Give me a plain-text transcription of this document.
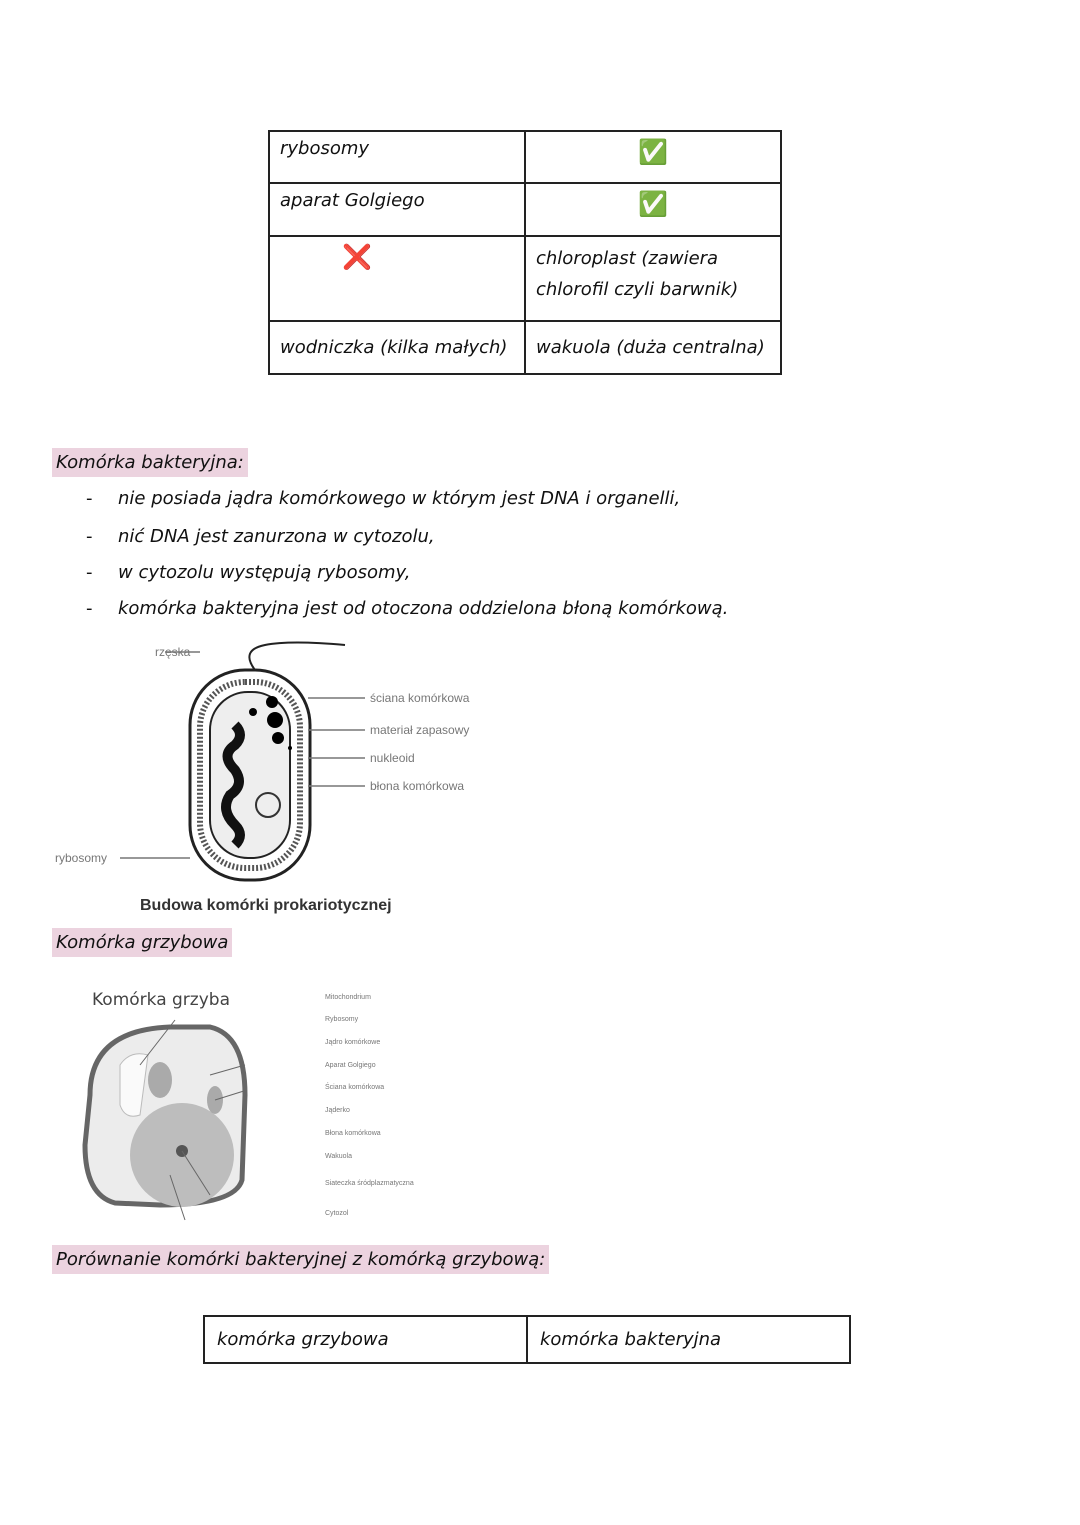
rybosomy	✅
aparat Golgiego	✅
❌	chloroplast (zawiera chlorofil czyli barwnik)
wodniczka (kilka małych)	wakuola (duża centralna)
Komórka bakteryjna:
- nie posiada jądra komórkowego w którym jest DNA i organelli,
- nić DNA jest zanurzona w cytozolu,
- w cytozolu występują rybosomy,
- komórka bakteryjna jest od otoczona oddzielona błoną komórkową.
rzęska
ściana komórkowa
materiał zapasowy
nukleoid
błona komórkowa
rybosomy
Budowa komórki prokariotycznej
Komórka grzybowa
Komórka grzyba	Mitochondrium
Rybosomy
Jądro komórkowe
Aparat Golgiego
Ściana komórkowa
Jąderko
Błona komórkowa
Wakuola
Siateczka śródplazmatyczna
Cytozol
Porównanie komórki bakteryjnej z komórką grzybową:
komórka grzybowa	komórka bakteryjna
